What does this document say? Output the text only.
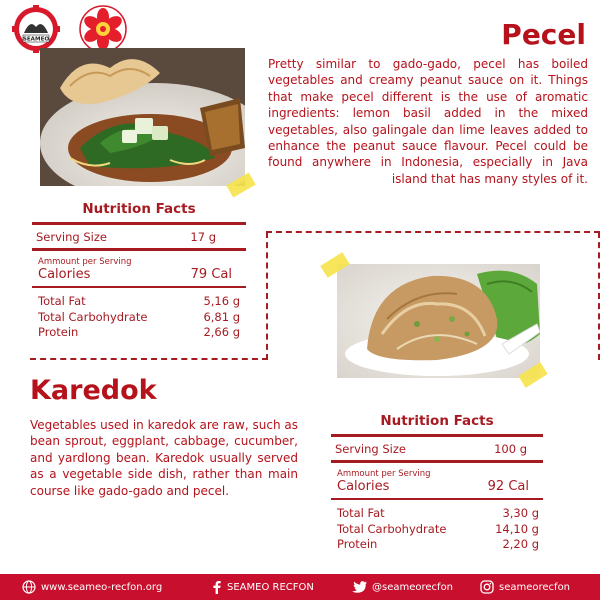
SEAMEO	Pecel

Pretty similar to gado-gado, pecel has boiled vegetables and creamy peanut sauce on it. Things that make pecel different is the use of aromatic ingredients: lemon basil added in the mixed vegetables, also galingale dan lime leaves added to enhance the peanut sauce flavour. Pecel could be found anywhere in Indonesia, especially in Java island that has many styles of it.

Nutrition Facts
Serving Size	17 g
Ammount per Serving
Calories	79 Cal
Total Fat	5,16 g
Total Carbohydrate	6,81 g
Protein	2,66 g
Karedok

Vegetables used in karedok are raw, such as bean sprout, eggplant, cabbage, cucumber, and yardlong bean. Karedok usually served as a vegetable side dish, rather than main course like gado-gado and pecel.

Nutrition Facts
Serving Size	100 g
Ammount per Serving
Calories	92 Cal
Total Fat	3,30 g
Total Carbohydrate	14,10 g
Protein	2,20 g
www.seameo-recfon.org	SEAMEO RECFON	@seameorecfon	seameorecfon
